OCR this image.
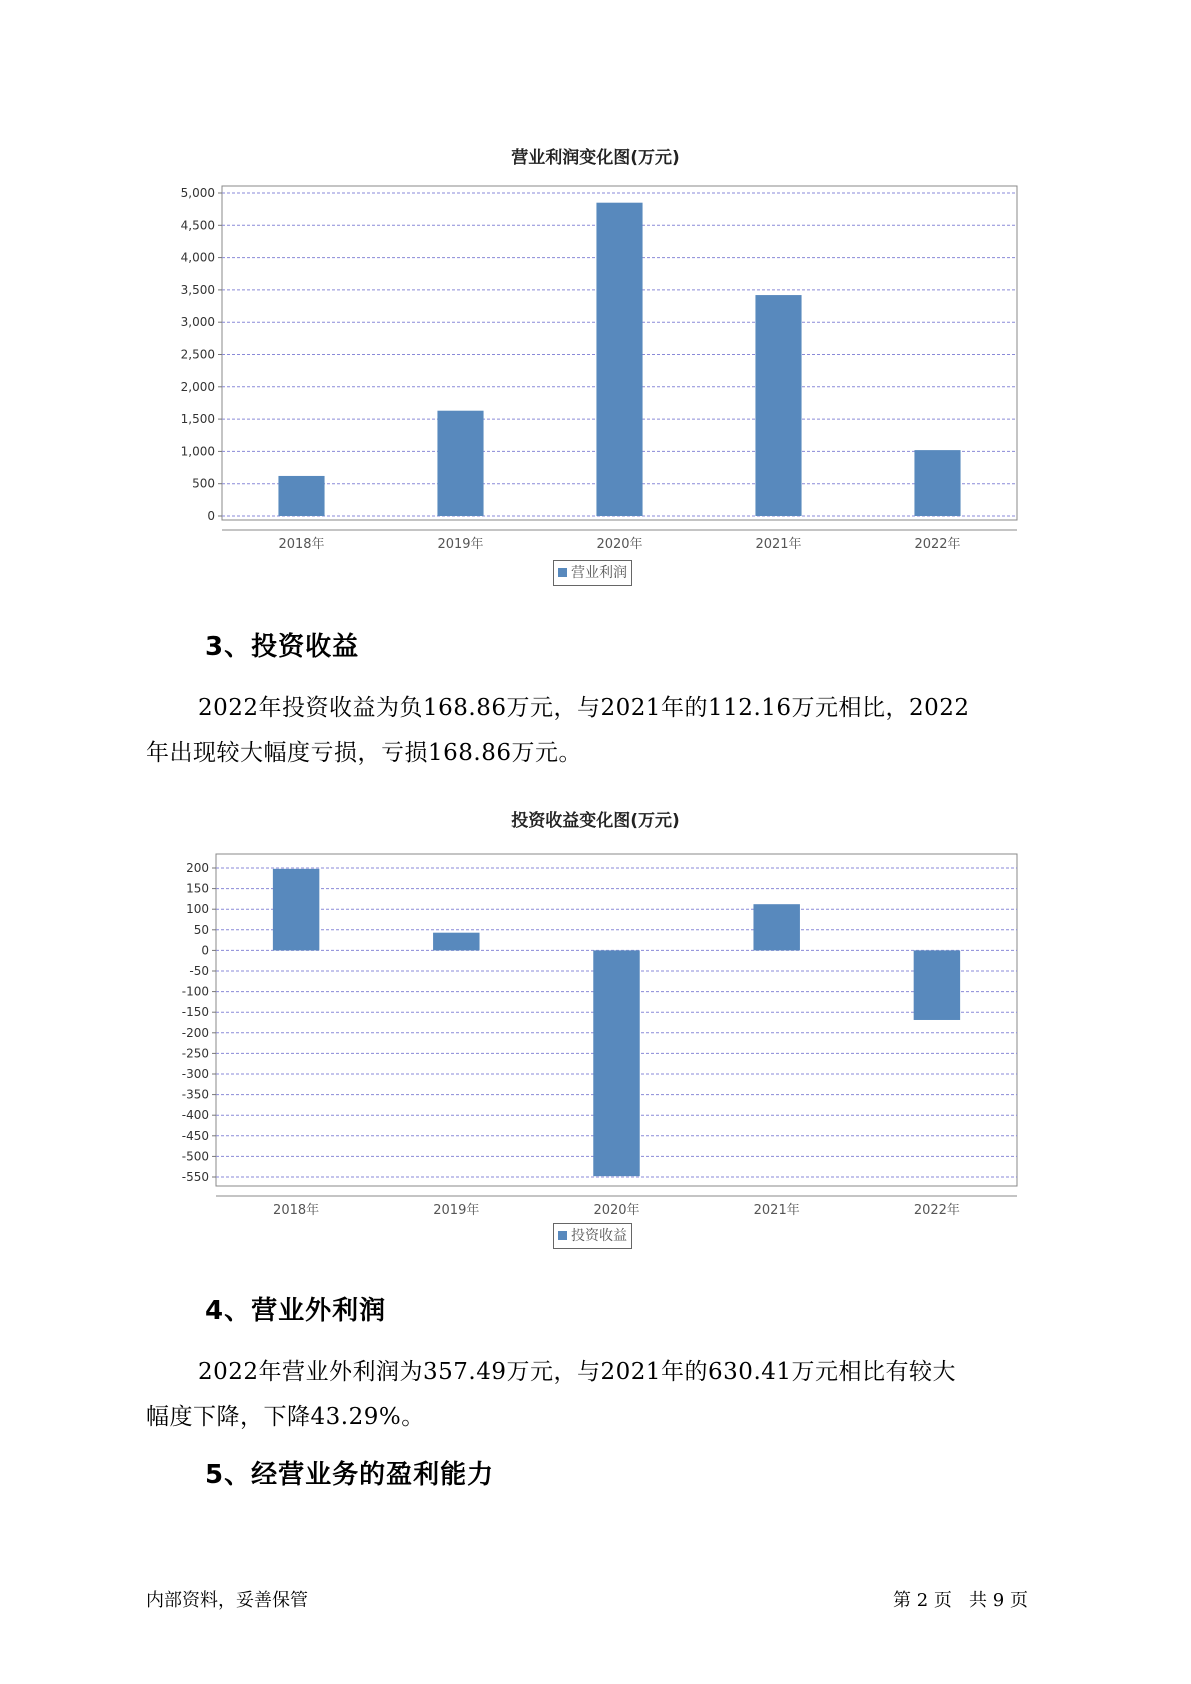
营业利润变化图(万元)
0
500
1,000
1,500
2,000
2,500
3,000
3,500
4,000
4,500
5,000
2018年	2019年	2020年	2021年	2022年
营业利润
3、投资收益
2022年投资收益为负168.86万元，与2021年的112.16万元相比，2022
年出现较大幅度亏损，亏损168.86万元。
投资收益变化图(万元)
200
150
100
50
0
-50
-100
-150
-200
-250
-300
-350
-400
-450
-500
-550
2018年	2019年	2020年	2021年	2022年
投资收益
4、营业外利润
2022年营业外利润为357.49万元，与2021年的630.41万元相比有较大
幅度下降，下降43.29%。
5、经营业务的盈利能力
内部资料，妥善保管	第 2 页   共 9 页
